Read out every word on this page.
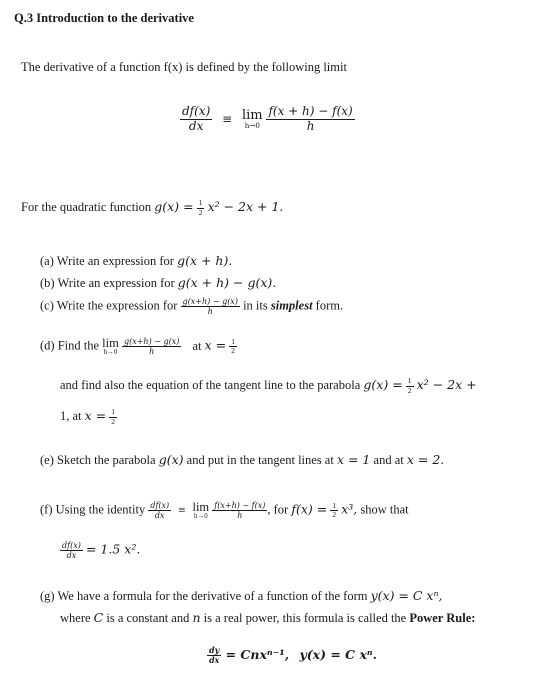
Q.3 Introduction to the derivative
The derivative of a function f(x) is defined by the following limit
$\frac{df(x)}{dx} \equiv \lim$
h→0
$\frac{f(x + h) - f(x)}{h}$
For the quadratic function $g(x) = \frac{1}{2} x^2 - 2x + 1$.
(a) Write an expression for g(x + h).
(b) Write an expression for g(x + h) − g(x).
(c) Write the expression for $\frac{g(x+h) - g(x)}{h}$ in its simplest form.
(d) Find the lim
h→0
$\frac{g(x+h) - g(x)}{h}$ at $x = \frac{1}{2}$
and find also the equation of the tangent line to the parabola $g(x) = \frac{1}{2} x^2 - 2x$ +
1, at $x = \frac{1}{2}$
(e) Sketch the parabola g(x) and put in the tangent lines at x = 1 and at x = 2.
(f) Using the identity $\frac{df(x)}{dx} \equiv \lim$
h→0
$\frac{f(x+h) - f(x)}{h}$ , for $f(x) = \frac{1}{2} x^3$, show that
$\frac{df(x)}{dx} = 1.5$ x².
(g) We have a formula for the derivative of a function of the form y(x) = C xⁿ,
where C is a constant and n is a real power, this formula is called the Power Rule:
$\frac{dy}{dx} = Cnx^{n-1}$, y(x) = C xⁿ.
